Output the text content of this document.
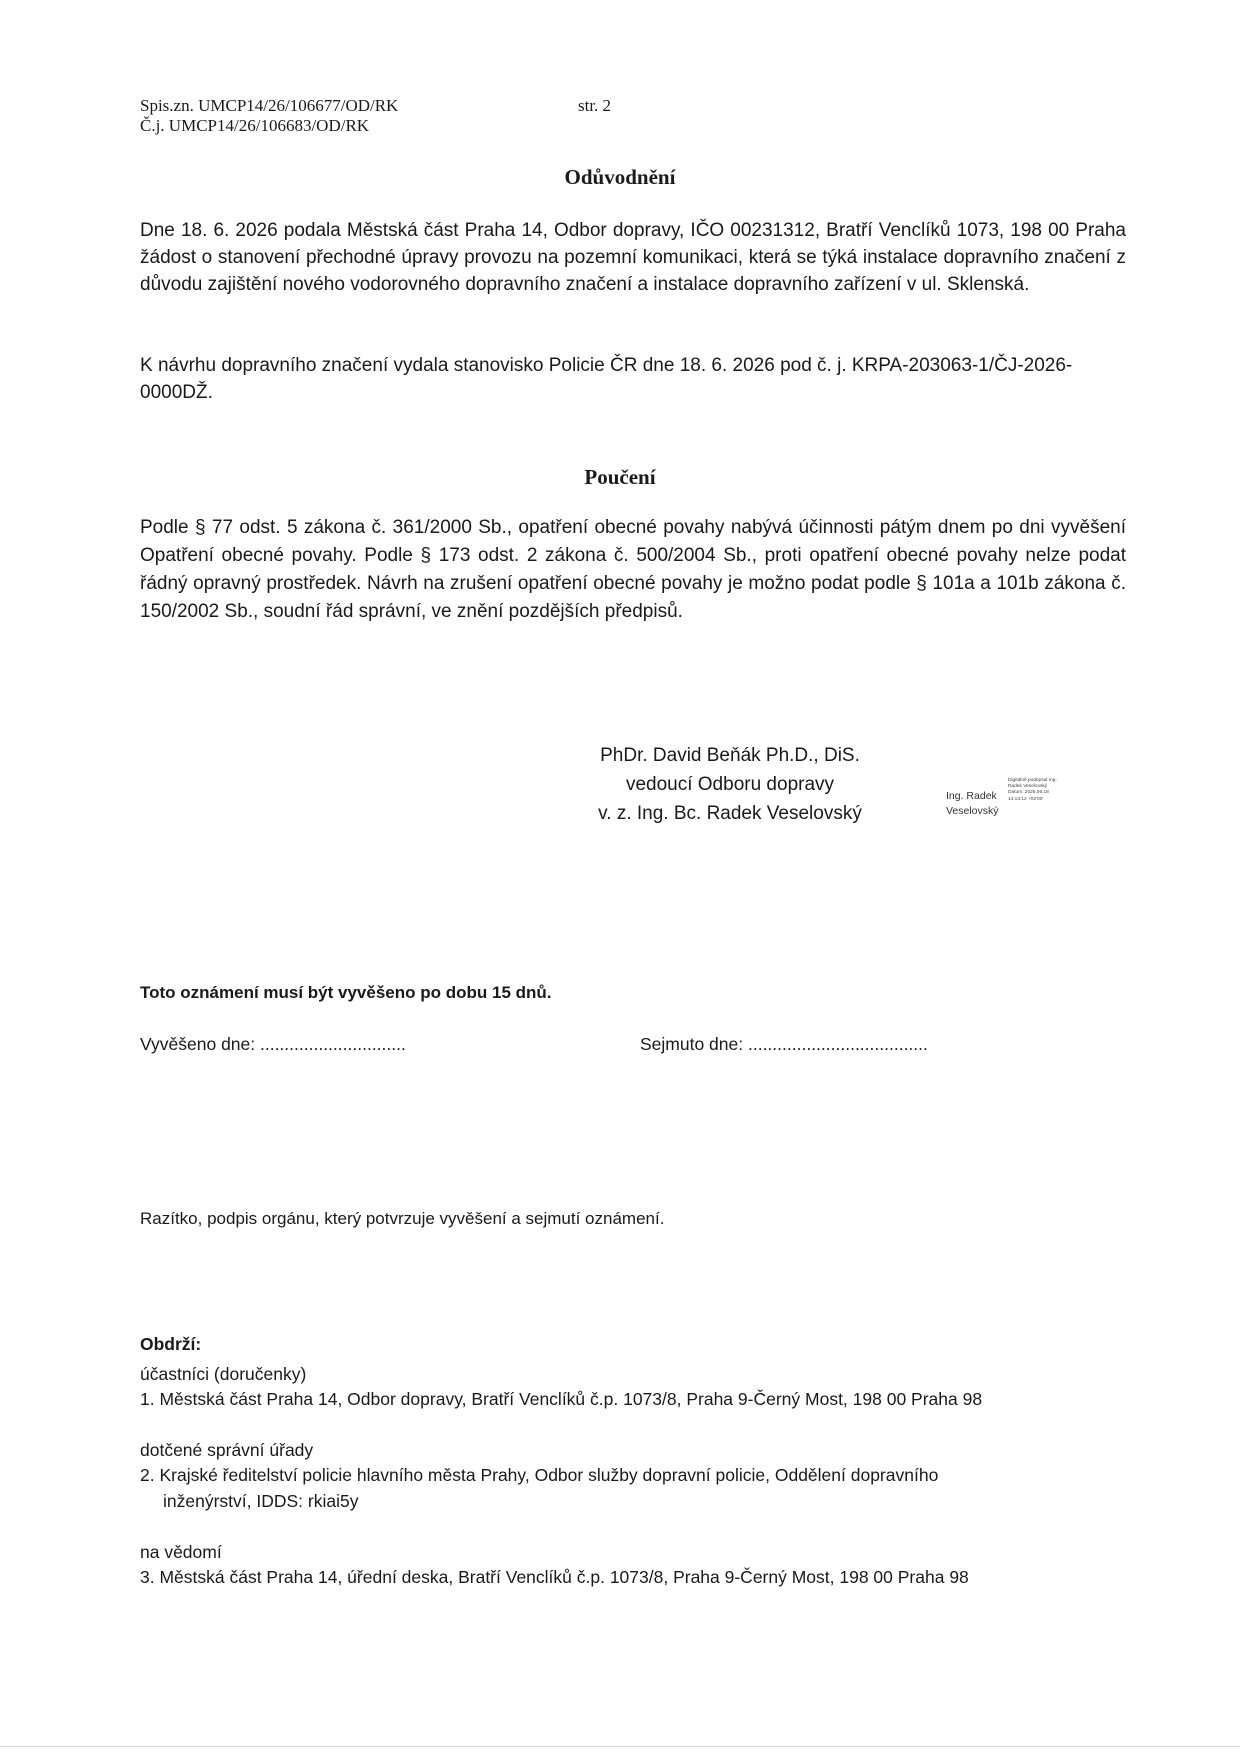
Spis.zn. UMCP14/26/106677/OD/RK
Č.j. UMCP14/26/106683/OD/RK
str. 2
Odůvodnění
Dne 18. 6. 2026 podala Městská část Praha 14, Odbor dopravy, IČO 00231312, Bratří Venclíků 1073, 198 00 Praha žádost o stanovení přechodné úpravy provozu na pozemní komunikaci, která se týká instalace dopravního značení z důvodu zajištění nového vodorovného dopravního značení a instalace dopravního zařízení v ul. Sklenská.
K návrhu dopravního značení vydala stanovisko Policie ČR dne 18. 6. 2026 pod č. j. KRPA-203063-1/ČJ-2026-0000DŽ.
Poučení
Podle § 77 odst. 5 zákona č. 361/2000 Sb., opatření obecné povahy nabývá účinnosti pátým dnem po dni vyvěšení Opatření obecné povahy. Podle § 173 odst. 2 zákona č. 500/2004 Sb., proti opatření obecné povahy nelze podat řádný opravný prostředek. Návrh na zrušení opatření obecné povahy je možno podat podle § 101a a 101b zákona č. 150/2002 Sb., soudní řád správní, ve znění pozdějších předpisů.
PhDr. David Beňák Ph.D., DiS.
vedoucí Odboru dopravy
v. z. Ing. Bc. Radek Veselovský
Ing. Radek
Veselovský
Digitálně podepsal Ing. Radek Veselovský Datum: 2026.06.18 14:13:12 +02'00'
Toto oznámení musí být vyvěšeno po dobu 15 dnů.
Vyvěšeno dne: ..............................	Sejmuto dne: .....................................
Razítko, podpis orgánu, který potvrzuje vyvěšení a sejmutí oznámení.
Obdrží:
účastníci (doručenky)
1. Městská část Praha 14, Odbor dopravy, Bratří Venclíků č.p. 1073/8, Praha 9-Černý Most, 198 00 Praha 98
dotčené správní úřady
2. Krajské ředitelství policie hlavního města Prahy, Odbor služby dopravní policie, Oddělení dopravního
inženýrství, IDDS: rkiai5y
na vědomí
3. Městská část Praha 14, úřední deska, Bratří Venclíků č.p. 1073/8, Praha 9-Černý Most, 198 00 Praha 98
